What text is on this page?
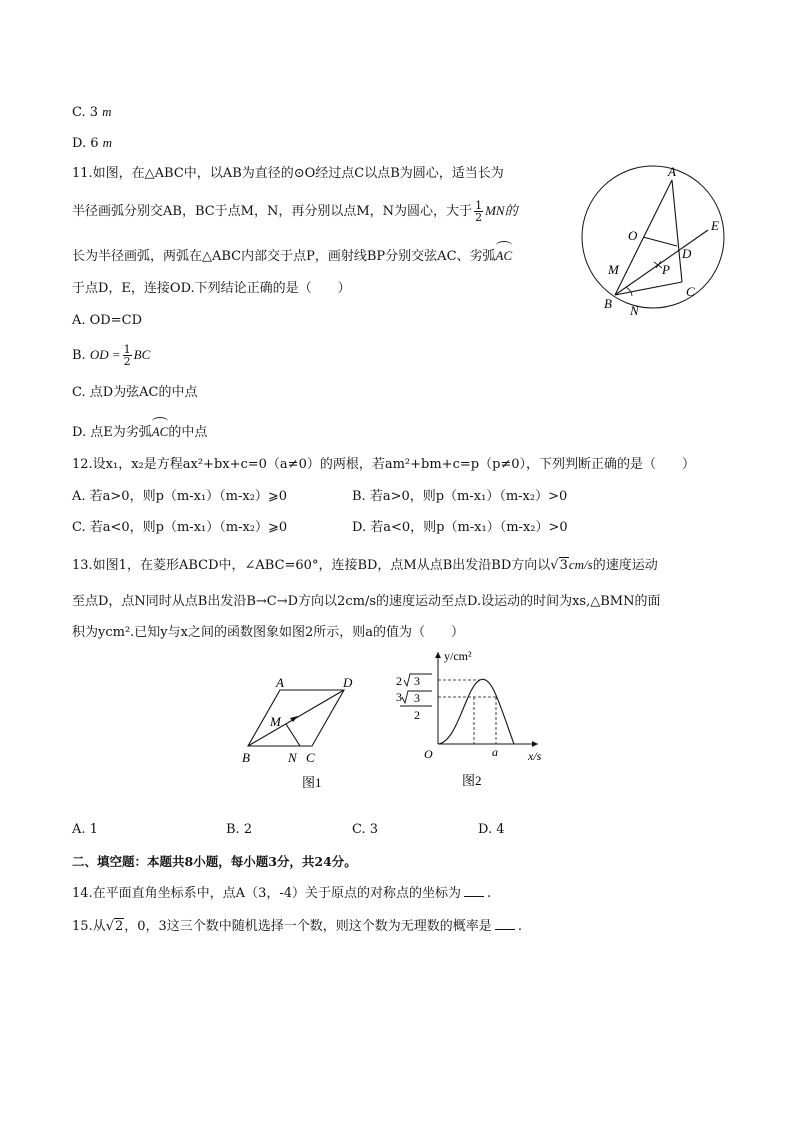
C. 3 m
D. 6 m
11.如图，在△ABC中，以AB为直径的⊙O经过点C以点B为圆心，适当长为
半径画弧分别交AB，BC于点M，N，再分别以点M，N为圆心，大于 $\frac{1}{2}$ MN的
长为半径画弧，两弧在△ABC内部交于点P，画射线BP分别交弦AC、劣弧AC
于点D，E，连接OD.下列结论正确的是（　　）
A. OD=CD
B. OD = $\frac{1}{2}$ BC
C. 点D为弦AC的中点
D. 点E为劣弧AC的中点
A
O
E
D
M	P
B N
C
12.设x₁，x₂是方程ax²+bx+c=0（a≠0）的两根，若am²+bm+c=p（p≠0），下列判断正确的是（　　）
A. 若a>0，则p（m-x₁）（m-x₂）⩾0	B. 若a>0，则p（m-x₁）（m-x₂）>0
C. 若a<0，则p（m-x₁）（m-x₂）⩾0	D. 若a<0，则p（m-x₁）（m-x₂）>0
13.如图1，在菱形ABCD中，∠ABC=60°，连接BD，点M从点B出发沿BD方向以√3cm/s的速度运动
至点D，点N同时从点B出发沿B→C→D方向以2cm/s的速度运动至点D.设运动的时间为xs,△BMN的面
积为ycm².已知y与x之间的函数图象如图2所示，则a的值为（　　）
A	D
M
B	N C
图1
y/cm²
x/s
O	a
2 3
3 3
2
图2
A. 1	B. 2	C. 3	D. 4
二、填空题：本题共8小题，每小题3分，共24分。
14.在平面直角坐标系中，点A（3，-4）关于原点的对称点的坐标为 .
15.从√2，0，3这三个数中随机选择一个数，则这个数为无理数的概率是 .
